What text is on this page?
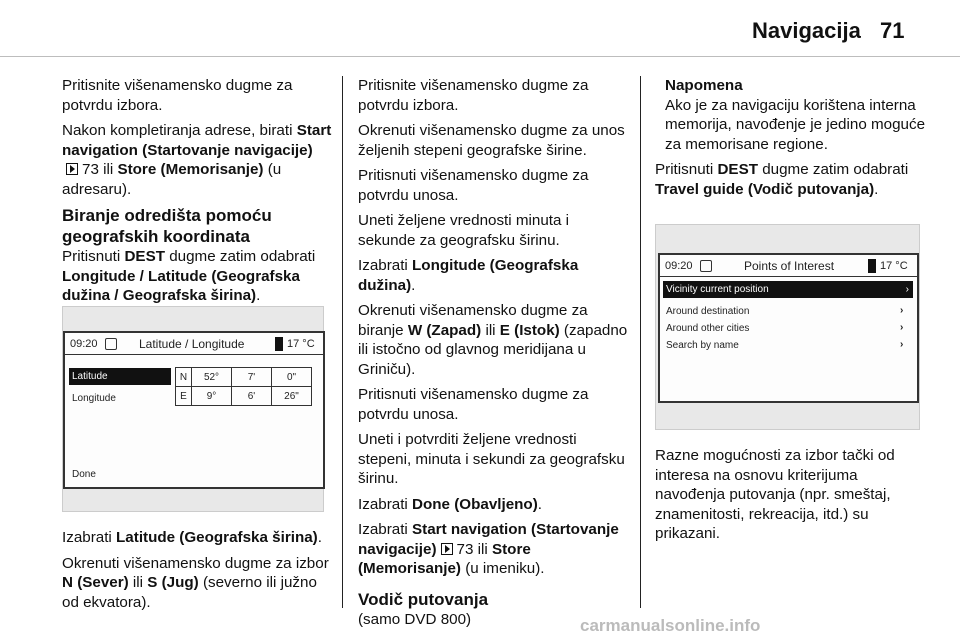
Navigacija 71

Pritisnite višenamensko dugme za potvrdu izbora.

Nakon kompletiranja adrese, birati Start navigation (Startovanje navigacije)73 ili Store (Memorisanje) (u adresaru).

Biranje odredišta pomoću geografskih koordinata

Pritisnuti DEST dugme zatim odabrati Longitude / Latitude (Geografska dužina / Geografska širina).

09:20	Latitude / Longitude	17 °C
Latitude
Longitude
Done
N	52°	7'	0"
E	9°	6'	26"

Izabrati Latitude (Geografska širina).

Okrenuti višenamensko dugme za izbor N (Sever) ili S (Jug) (severno ili južno od ekvatora).

Pritisnite višenamensko dugme za potvrdu izbora.

Okrenuti višenamensko dugme za unos željenih stepeni geografske širine.

Pritisnuti višenamensko dugme za potvrdu unosa.

Uneti željene vrednosti minuta i sekunde za geografsku širinu.

Izabrati Longitude (Geografska dužina).

Okrenuti višenamensko dugme za biranje W (Zapad) ili E (Istok) (zapadno ili istočno od glavnog meridijana u Griniču).

Pritisnuti višenamensko dugme za potvrdu unosa.

Uneti i potvrditi željene vrednosti stepeni, minuta i sekundi za geografsku širinu.

Izabrati Done (Obavljeno).

Izabrati Start navigation (Startovanje navigacije) 73 ili Store (Memorisanje) (u imeniku).

Vodič putovanja

(samo DVD 800)

Napomena

Ako je za navigaciju korištena interna memorija, navođenje je jedino moguće za memorisane regione.

Pritisnuti DEST dugme zatim odabrati Travel guide (Vodič putovanja).

09:20	Points of Interest	17 °C
Vicinity current position	›
Around destination	›
Around other cities	›
Search by name	›

Razne mogućnosti za izbor tački od interesa na osnovu kriterijuma navođenja putovanja (npr. smeštaj, znamenitosti, rekreacija, itd.) su prikazani.

carmanualsonline.info
